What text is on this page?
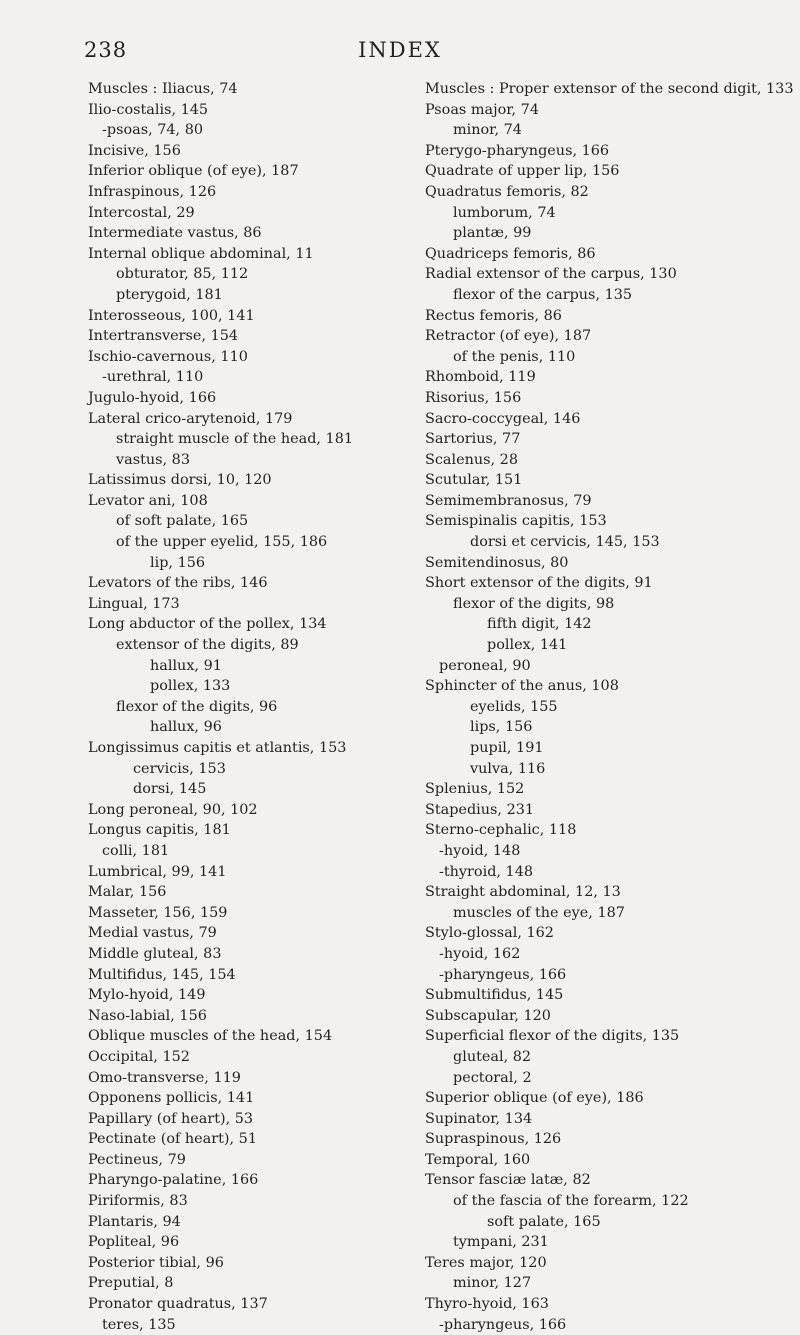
238	INDEX
Muscles : Iliacus, 74
Ilio-costalis, 145
-psoas, 74, 80
Incisive, 156
Inferior oblique (of eye), 187
Infraspinous, 126
Intercostal, 29
Intermediate vastus, 86
Internal oblique abdominal, 11
obturator, 85, 112
pterygoid, 181
Interosseous, 100, 141
Intertransverse, 154
Ischio-cavernous, 110
-urethral, 110
Jugulo-hyoid, 166
Lateral crico-arytenoid, 179
straight muscle of the head, 181
vastus, 83
Latissimus dorsi, 10, 120
Levator ani, 108
of soft palate, 165
of the upper eyelid, 155, 186
lip, 156
Levators of the ribs, 146
Lingual, 173
Long abductor of the pollex, 134
extensor of the digits, 89
hallux, 91
pollex, 133
flexor of the digits, 96
hallux, 96
Longissimus capitis et atlantis, 153
cervicis, 153
dorsi, 145
Long peroneal, 90, 102
Longus capitis, 181
colli, 181
Lumbrical, 99, 141
Malar, 156
Masseter, 156, 159
Medial vastus, 79
Middle gluteal, 83
Multifidus, 145, 154
Mylo-hyoid, 149
Naso-labial, 156
Oblique muscles of the head, 154
Occipital, 152
Omo-transverse, 119
Opponens pollicis, 141
Papillary (of heart), 53
Pectinate (of heart), 51
Pectineus, 79
Pharyngo-palatine, 166
Piriformis, 83
Plantaris, 94
Popliteal, 96
Posterior tibial, 96
Preputial, 8
Pronator quadratus, 137
teres, 135
Muscles : Proper extensor of the second digit, 133
Psoas major, 74
minor, 74
Pterygo-pharyngeus, 166
Quadrate of upper lip, 156
Quadratus femoris, 82
lumborum, 74
plantæ, 99
Quadriceps femoris, 86
Radial extensor of the carpus, 130
flexor of the carpus, 135
Rectus femoris, 86
Retractor (of eye), 187
of the penis, 110
Rhomboid, 119
Risorius, 156
Sacro-coccygeal, 146
Sartorius, 77
Scalenus, 28
Scutular, 151
Semimembranosus, 79
Semispinalis capitis, 153
dorsi et cervicis, 145, 153
Semitendinosus, 80
Short extensor of the digits, 91
flexor of the digits, 98
fifth digit, 142
pollex, 141
peroneal, 90
Sphincter of the anus, 108
eyelids, 155
lips, 156
pupil, 191
vulva, 116
Splenius, 152
Stapedius, 231
Sterno-cephalic, 118
-hyoid, 148
-thyroid, 148
Straight abdominal, 12, 13
muscles of the eye, 187
Stylo-glossal, 162
-hyoid, 162
-pharyngeus, 166
Submultifidus, 145
Subscapular, 120
Superficial flexor of the digits, 135
gluteal, 82
pectoral, 2
Superior oblique (of eye), 186
Supinator, 134
Supraspinous, 126
Temporal, 160
Tensor fasciæ latæ, 82
of the fascia of the forearm, 122
soft palate, 165
tympani, 231
Teres major, 120
minor, 127
Thyro-hyoid, 163
-pharyngeus, 166
